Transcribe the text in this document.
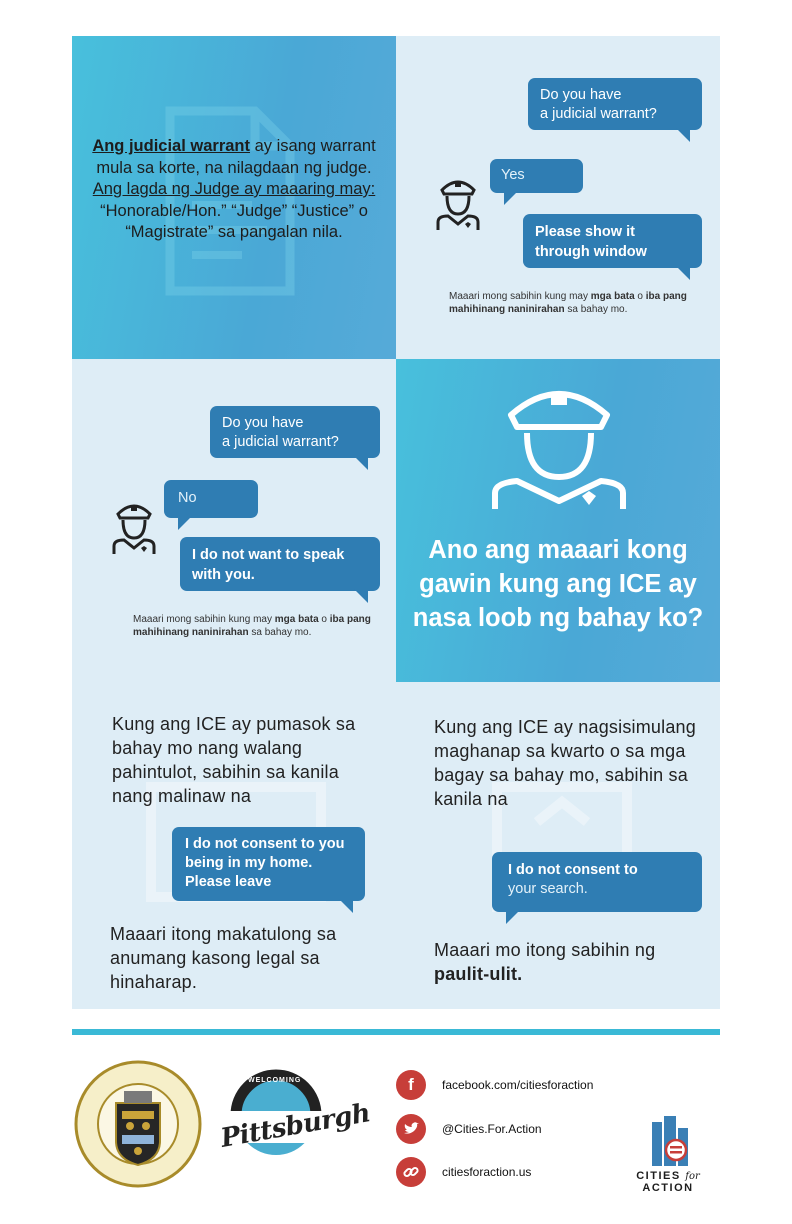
Ang judicial warrant ay isang warrant mula sa korte, na nilagdaan ng judge. Ang lagda ng Judge ay maaaring may: “Honorable/Hon.” “Judge” “Justice” o “Magistrate” sa pangalan nila.
Do you have
a judicial warrant?
Yes
Please show it through window
Maaari mong sabihin kung may mga bata o iba pang mahihinang naninirahan sa bahay mo.
Do you have
a judicial warrant?
No
I do not want to speak with you.
Maaari mong sabihin kung may mga bata o iba pang mahihinang naninirahan sa bahay mo.
Ano ang maaari kong gawin kung ang ICE ay nasa loob ng bahay ko?
Kung ang ICE ay pumasok sa bahay mo nang walang pahintulot, sabihin sa kanila nang malinaw na
I do not consent to you being in my home. Please leave
Maaari itong makatulong sa anumang kasong legal sa hinaharap.
Kung ang ICE ay nagsisimulang maghanap sa kwarto o sa mga bagay sa bahay mo, sabihin sa kanila na
I do not consent to
your search.
Maaari mo itong sabihin ng paulit-ulit.
WELCOMING
Pittsburgh
f	facebook.com/citiesforaction
@Cities.For.Action
citiesforaction.us	CITIES for ACTION
